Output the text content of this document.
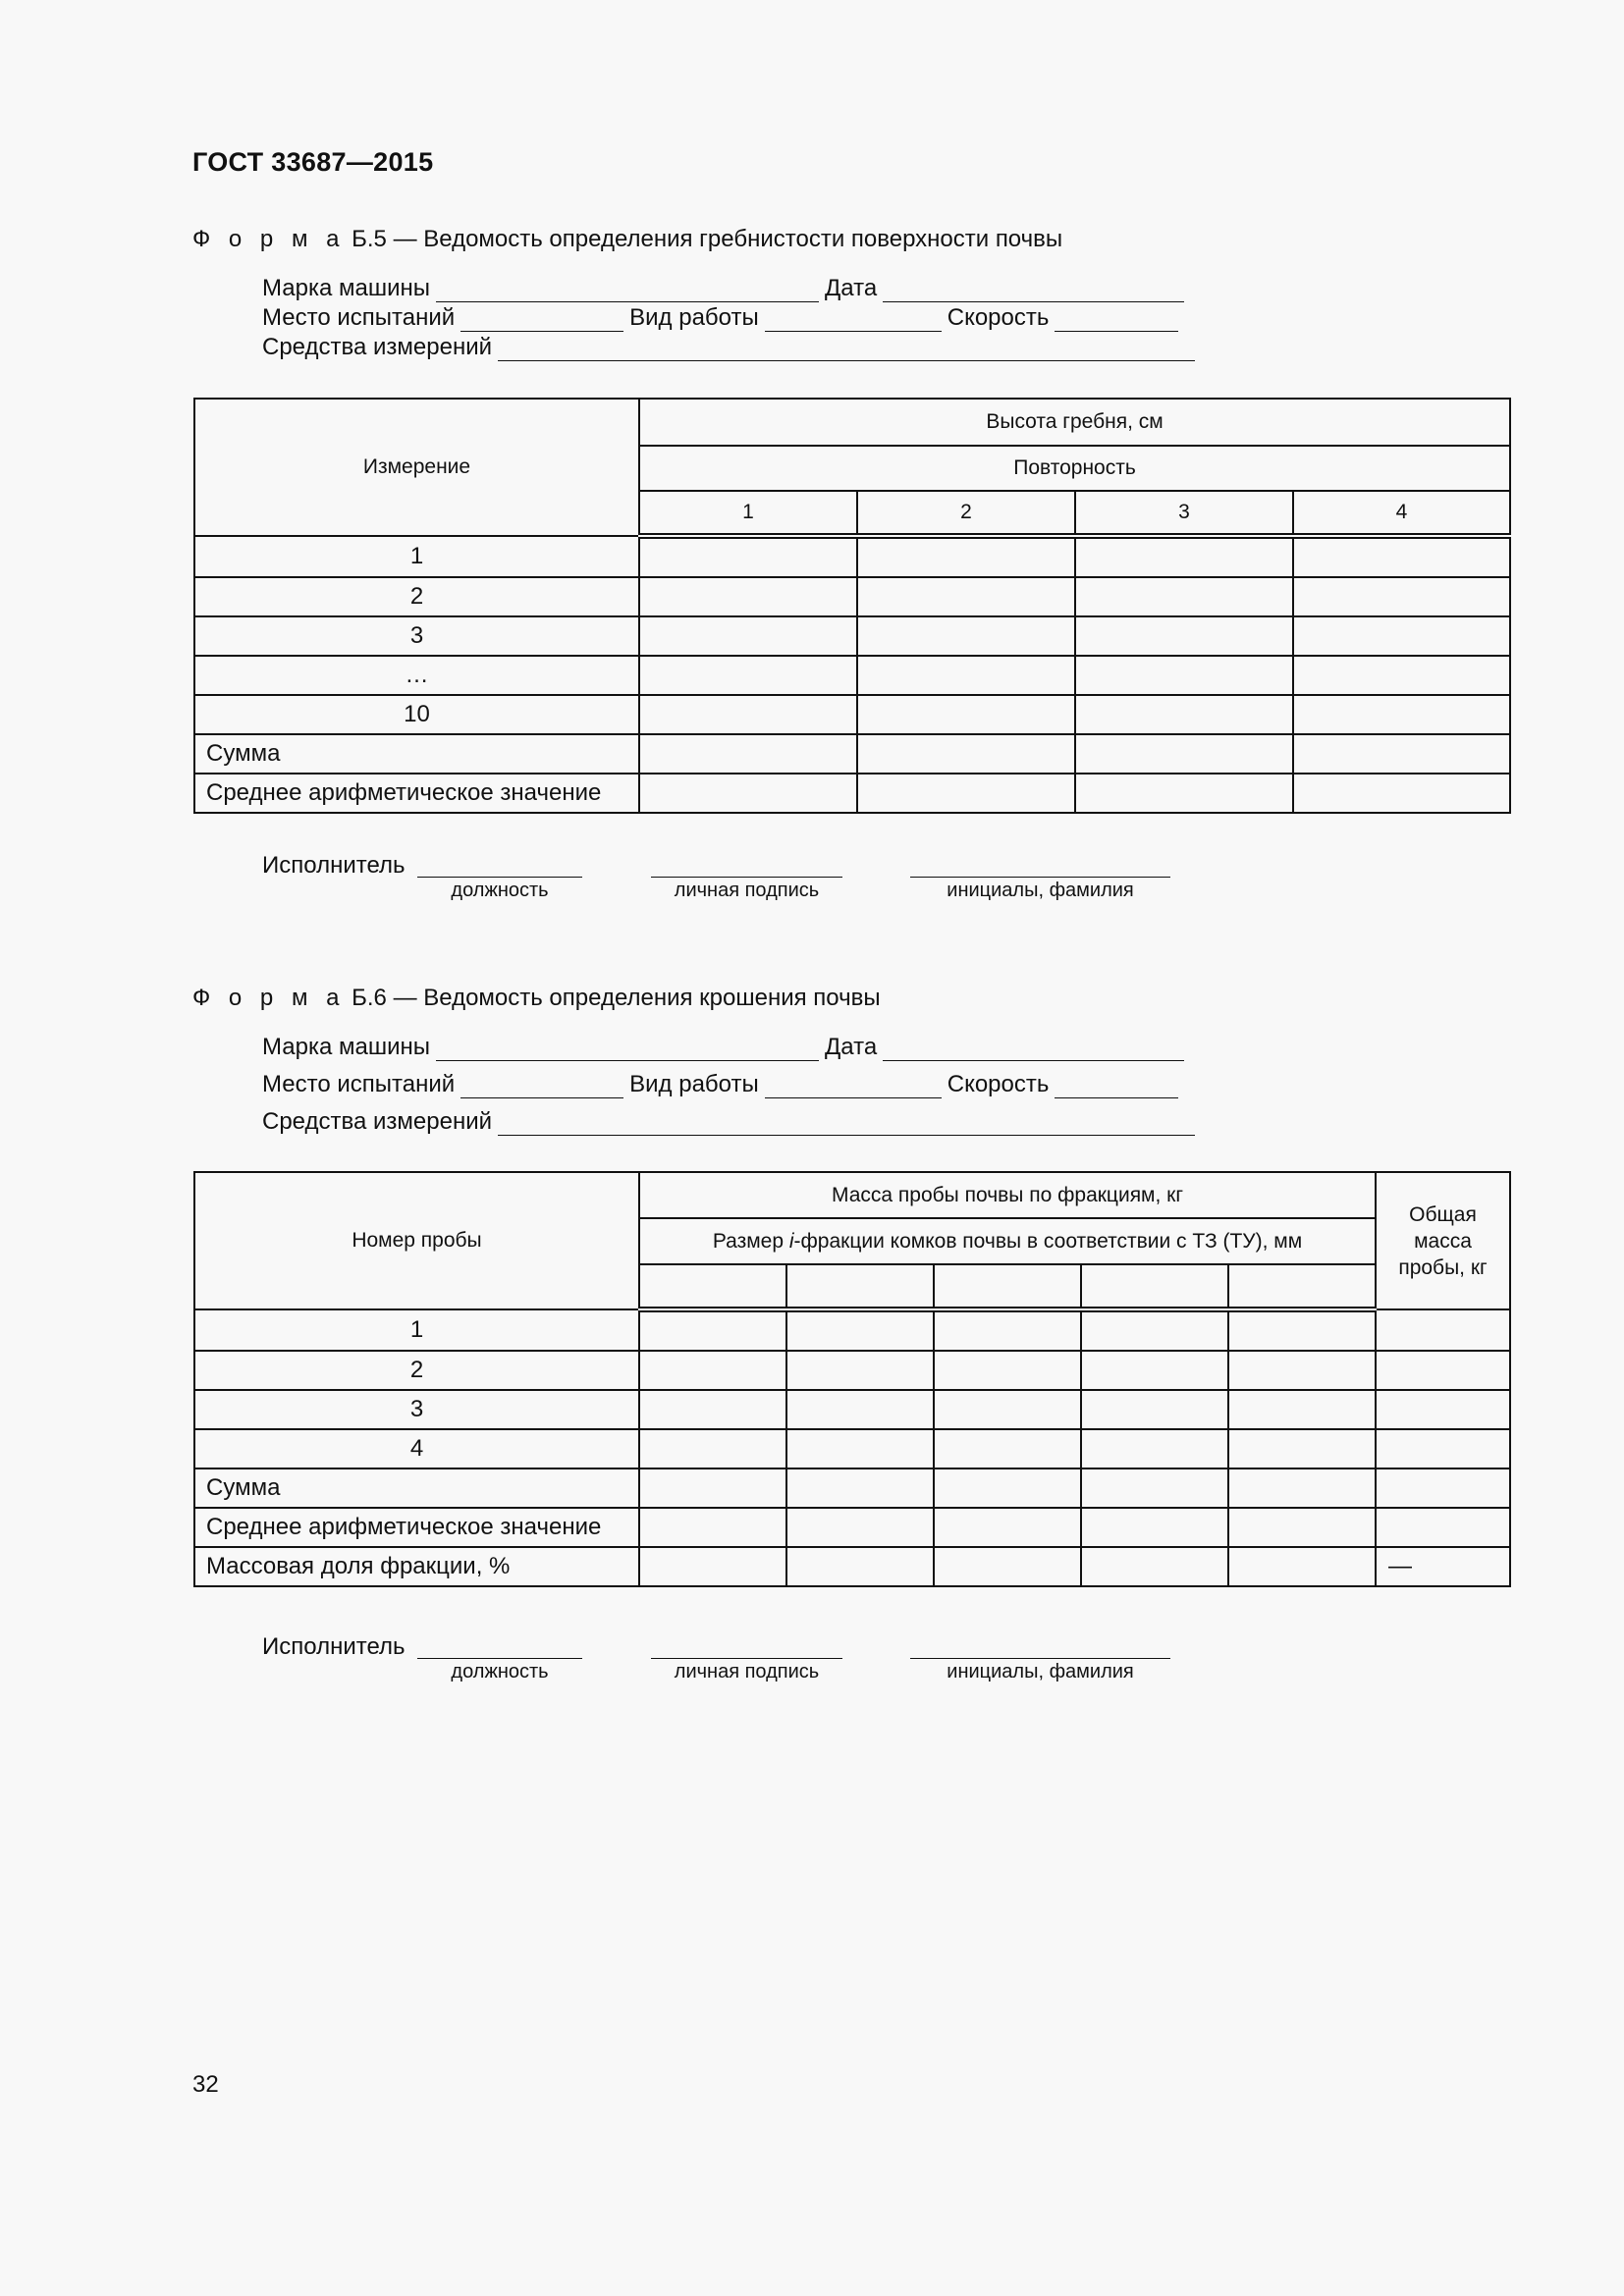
ГОСТ 33687—2015
Ф о р м а Б.5 — Ведомость определения гребнистости поверхности почвы
Марка машины	Дата
Место испытаний	Вид работы	Скорость
Средства измерений
Измерение	Высота гребня, см			
	Повторность			
	1	2	3	4
1				
2				
3				
…				
10				
Сумма				
Среднее арифметическое значение				
Исполнитель
должность	личная подпись	инициалы, фамилия
Ф о р м а Б.6 — Ведомость определения крошения почвы
Марка машины	Дата
Место испытаний	Вид работы	Скорость
Средства измерений
Номер пробы	Масса пробы почвы по фракциям, кг					Общая
масса
пробы, кг
	Размер i-фракции комков почвы в соответствии с ТЗ (ТУ), мм					

1						
2						
3						
4						
Сумма						
Среднее арифметическое значение						
Массовая доля фракции, %						—
Исполнитель
должность	личная подпись	инициалы, фамилия
32
